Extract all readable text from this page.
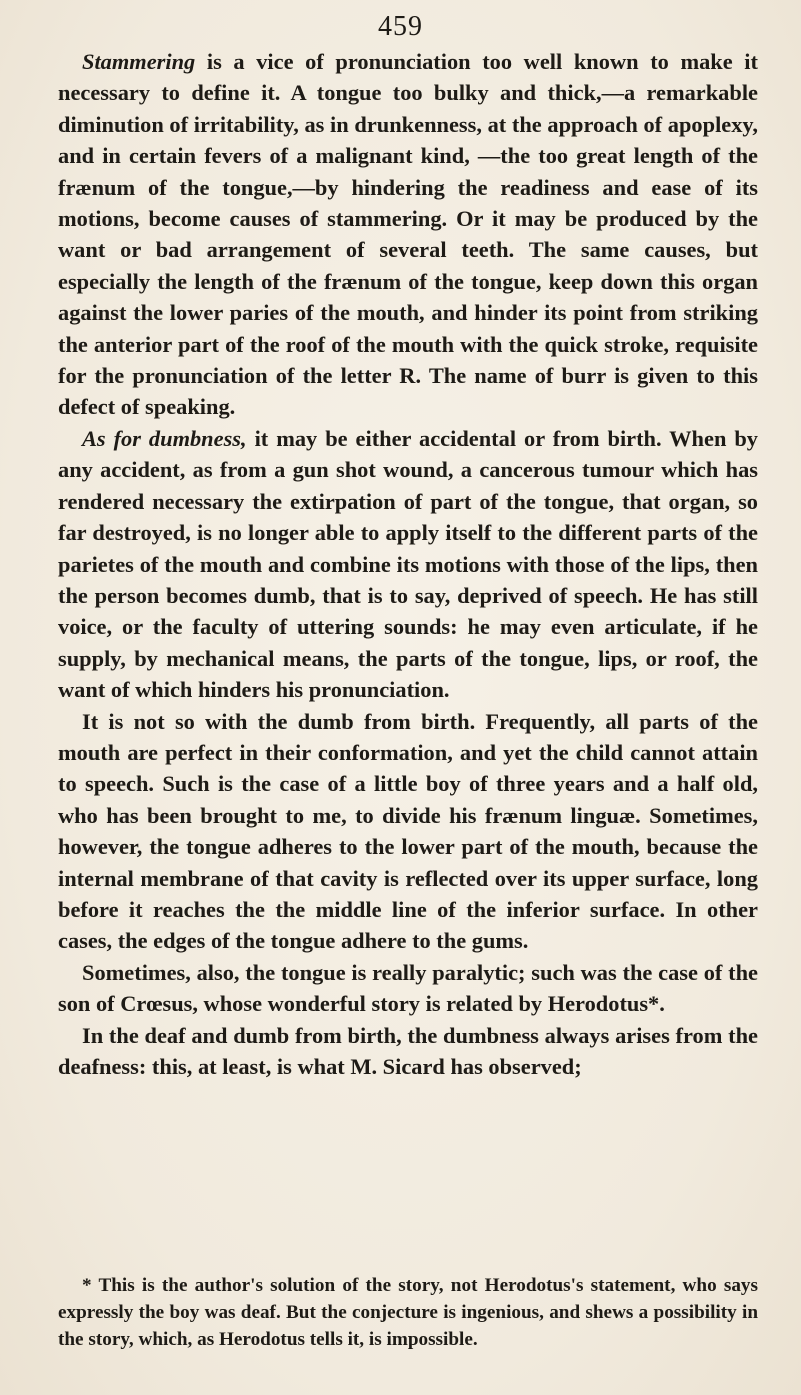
459

Stammering is a vice of pronunciation too well known to make it necessary to define it. A tongue too bulky and thick,—a remarkable diminution of irritability, as in drunkenness, at the approach of apoplexy, and in certain fevers of a malignant kind, —the too great length of the frænum of the tongue,—by hindering the readiness and ease of its motions, become causes of stammering. Or it may be produced by the want or bad arrangement of several teeth. The same causes, but especially the length of the frænum of the tongue, keep down this organ against the lower paries of the mouth, and hinder its point from striking the anterior part of the roof of the mouth with the quick stroke, requisite for the pronunciation of the letter R. The name of burr is given to this defect of speaking.

As for dumbness, it may be either accidental or from birth. When by any accident, as from a gun shot wound, a cancerous tumour which has rendered necessary the extirpation of part of the tongue, that organ, so far destroyed, is no longer able to apply itself to the different parts of the parietes of the mouth and combine its motions with those of the lips, then the person becomes dumb, that is to say, deprived of speech. He has still voice, or the faculty of uttering sounds: he may even articulate, if he supply, by mechanical means, the parts of the tongue, lips, or roof, the want of which hinders his pronunciation.

It is not so with the dumb from birth. Frequently, all parts of the mouth are perfect in their conformation, and yet the child cannot attain to speech. Such is the case of a little boy of three years and a half old, who has been brought to me, to divide his frænum linguæ. Sometimes, however, the tongue adheres to the lower part of the mouth, because the internal membrane of that cavity is reflected over its upper surface, long before it reaches the the middle line of the inferior surface. In other cases, the edges of the tongue adhere to the gums.

Sometimes, also, the tongue is really paralytic; such was the case of the son of Crœsus, whose wonderful story is related by Herodotus*.

In the deaf and dumb from birth, the dumbness always arises from the deafness: this, at least, is what M. Sicard has observed;

* This is the author's solution of the story, not Herodotus's statement, who says expressly the boy was deaf. But the conjecture is ingenious, and shews a possibility in the story, which, as Herodotus tells it, is impossible.
